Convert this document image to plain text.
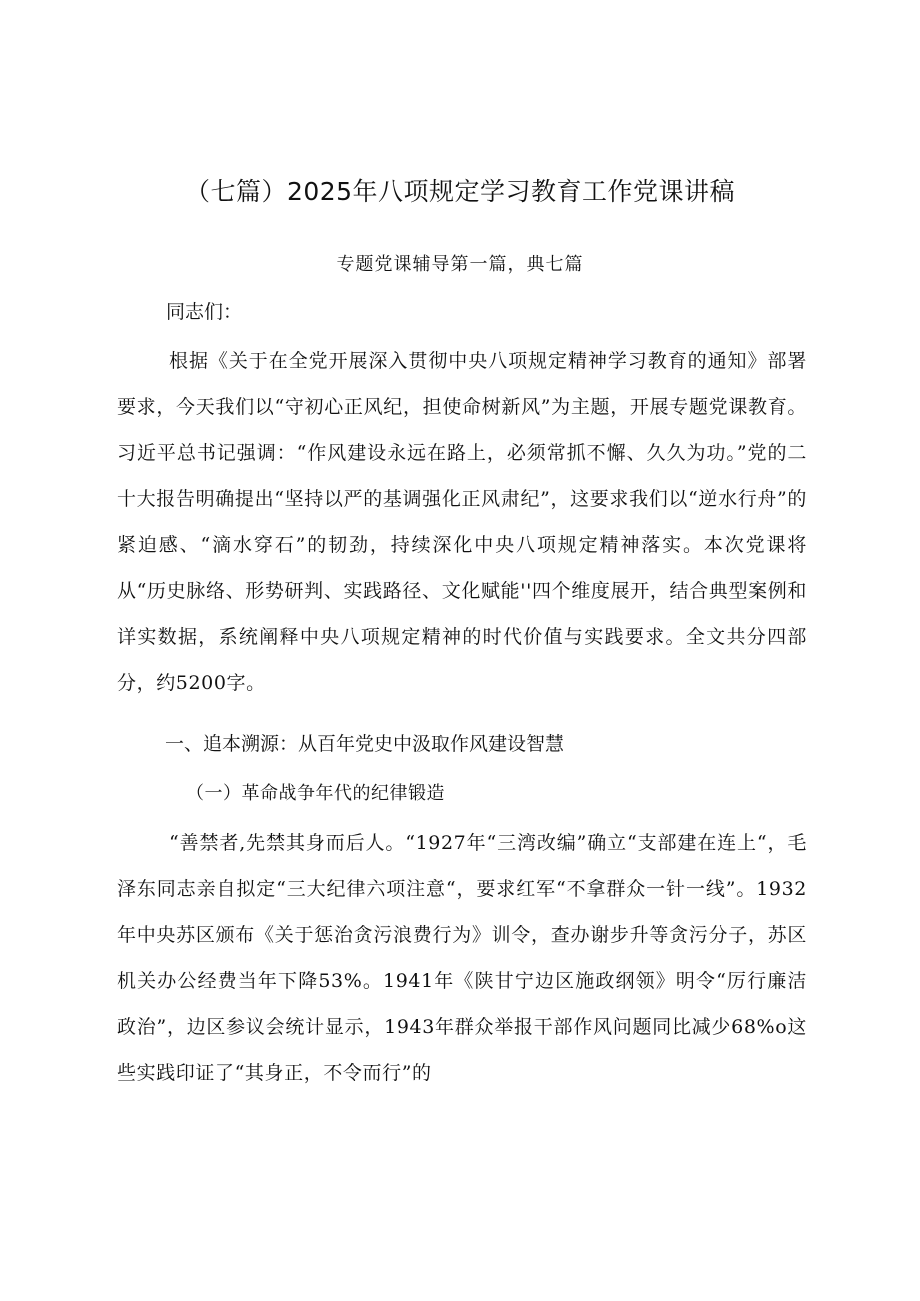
（七篇）2025年八项规定学习教育工作党课讲稿
专题党课辅导第一篇，典七篇
同志们：

根据《关于在全党开展深入贯彻中央八项规定精神学习教育的通知》部署要求，今天我们以“守初心正风纪，担使命树新风”为主题，开展专题党课教育。习近平总书记强调：“作风建设永远在路上，必须常抓不懈、久久为功。”党的二十大报告明确提出“坚持以严的基调强化正风肃纪”，这要求我们以“逆水行舟”的紧迫感、“滴水穿石”的韧劲，持续深化中央八项规定精神落实。本次党课将从“历史脉络、形势研判、实践路径、文化赋能''四个维度展开，结合典型案例和详实数据，系统阐释中央八项规定精神的时代价值与实践要求。全文共分四部分，约5200字。

一、追本溯源：从百年党史中汲取作风建设智慧
（一）革命战争年代的纪律锻造

“善禁者,先禁其身而后人。“1927年“三湾改编”确立“支部建在连上“，毛泽东同志亲自拟定“三大纪律六项注意“，要求红军“不拿群众一针一线”。1932年中央苏区颁布《关于惩治贪污浪费行为》训令，查办谢步升等贪污分子，苏区机关办公经费当年下降53%。1941年《陕甘宁边区施政纲领》明令“厉行廉洁政治”，边区参议会统计显示，1943年群众举报干部作风问题同比减少68%o这些实践印证了“其身正，不令而行”的
